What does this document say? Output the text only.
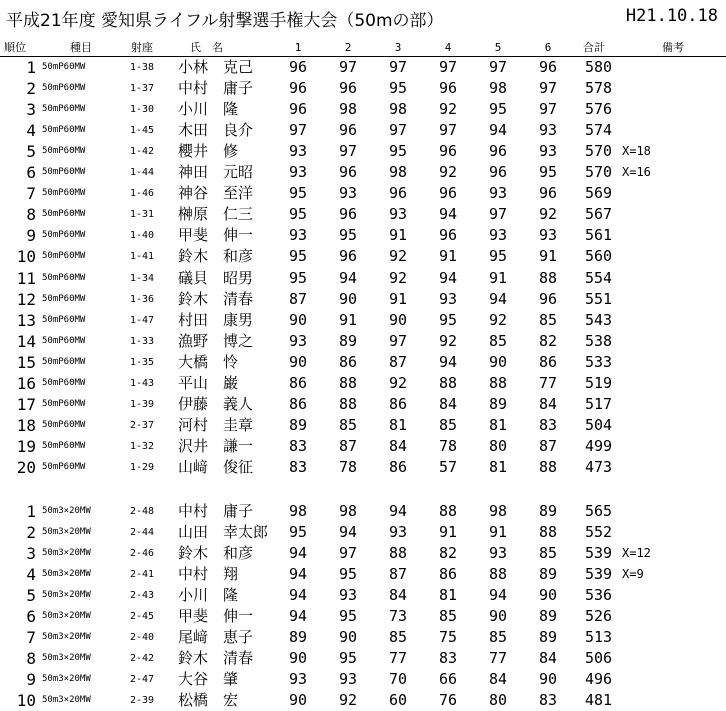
平成21年度 愛知県ライフル射撃選手権大会（50mの部）	H21.10.18
順位	種目	射座	氏　名	1	2	3	4	5	6	合計	備考
1 50mP60MW	1-38 小林　克己	96	97	97	97	97	96	580
2 50mP60MW	1-37 中村　庸子	96	96	95	96	98	97	578
3 50mP60MW	1-30 小川　隆	96	98	98	92	95	97	576
4 50mP60MW	1-45 木田　良介	97	96	97	97	94	93	574
5 50mP60MW	1-42 櫻井　修	93	97	95	96	96	93	570 X=18
6 50mP60MW	1-44 神田　元昭	93	96	98	92	96	95	570 X=16
7 50mP60MW	1-46 神谷　至洋	95	93	96	96	93	96	569
8 50mP60MW	1-31 榊原　仁三	95	96	93	94	97	92	567
9 50mP60MW	1-40 甲斐　伸一	93	95	91	96	93	93	561
10 50mP60MW	1-41 鈴木　和彦	95	96	92	91	95	91	560
11 50mP60MW	1-34 礒貝　昭男	95	94	92	94	91	88	554
12 50mP60MW	1-36 鈴木　清春	87	90	91	93	94	96	551
13 50mP60MW	1-47 村田　康男	90	91	90	95	92	85	543
14 50mP60MW	1-33 漁野　博之	93	89	97	92	85	82	538
15 50mP60MW	1-35 大橋　怜	90	86	87	94	90	86	533
16 50mP60MW	1-43 平山　巌	86	88	92	88	88	77	519
17 50mP60MW	1-39 伊藤　義人	86	88	86	84	89	84	517
18 50mP60MW	2-37 河村　圭章	89	85	81	85	81	83	504
19 50mP60MW	1-32 沢井　謙一	83	87	84	78	80	87	499
20 50mP60MW	1-29 山﨑　俊征	83	78	86	57	81	88	473
1 50m3×20MW	2-48 中村　庸子	98	98	94	88	98	89	565
2 50m3×20MW	2-44 山田　幸太郎	95	94	93	91	91	88	552
3 50m3×20MW	2-46 鈴木　和彦	94	97	88	82	93	85	539 X=12
4 50m3×20MW	2-41 中村　翔	94	95	87	86	88	89	539 X=9
5 50m3×20MW	2-43 小川　隆	94	93	84	81	94	90	536
6 50m3×20MW	2-45 甲斐　伸一	94	95	73	85	90	89	526
7 50m3×20MW	2-40 尾﨑　恵子	89	90	85	75	85	89	513
8 50m3×20MW	2-42 鈴木　清春	90	95	77	83	77	84	506
9 50m3×20MW	2-47 大谷　肇	93	93	70	66	84	90	496
10 50m3×20MW	2-39 松橋　宏	90	92	60	76	80	83	481
